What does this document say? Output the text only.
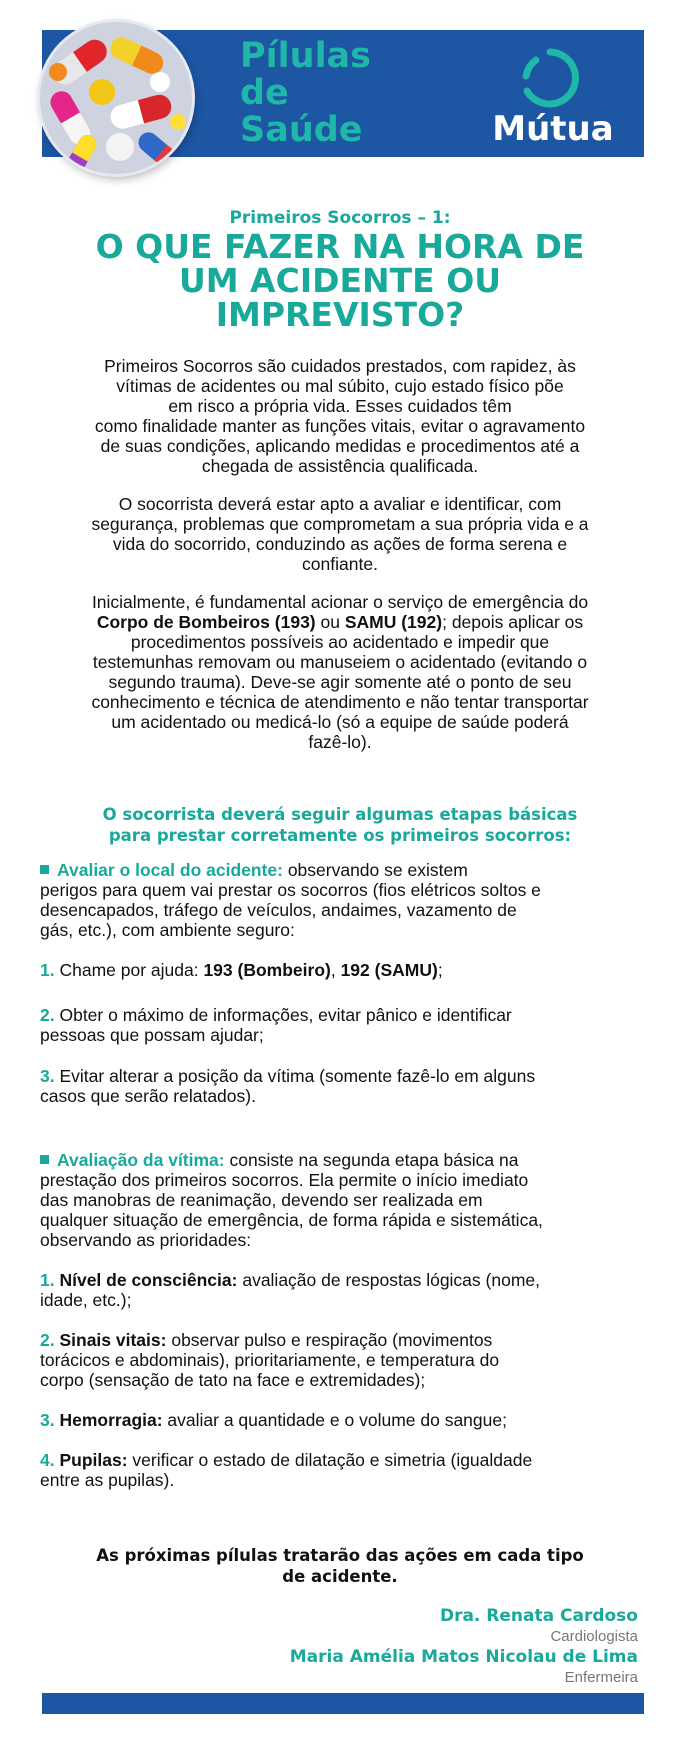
Pílulas
de
Saúde	Mútua
Primeiros Socorros – 1:
O QUE FAZER NA HORA DE
UM ACIDENTE OU
IMPREVISTO?
Primeiros Socorros são cuidados prestados, com rapidez, às
vítimas de acidentes ou mal súbito, cujo estado físico põe
em risco a própria vida. Esses cuidados têm
como finalidade manter as funções vitais, evitar o agravamento
de suas condições, aplicando medidas e procedimentos até a
chegada de assistência qualificada.
O socorrista deverá estar apto a avaliar e identificar, com
segurança, problemas que comprometam a sua própria vida e a
vida do socorrido, conduzindo as ações de forma serena e
confiante.
Inicialmente, é fundamental acionar o serviço de emergência do
Corpo de Bombeiros (193) ou SAMU (192); depois aplicar os
procedimentos possíveis ao acidentado e impedir que
testemunhas removam ou manuseiem o acidentado (evitando o
segundo trauma). Deve-se agir somente até o ponto de seu
conhecimento e técnica de atendimento e não tentar transportar
um acidentado ou medicá-lo (só a equipe de saúde poderá
fazê-lo).
O socorrista deverá seguir algumas etapas básicas
para prestar corretamente os primeiros socorros:
Avaliar o local do acidente: observando se existem
perigos para quem vai prestar os socorros (fios elétricos soltos e
desencapados, tráfego de veículos, andaimes, vazamento de
gás, etc.), com ambiente seguro:
1. Chame por ajuda: 193 (Bombeiro), 192 (SAMU);
2. Obter o máximo de informações, evitar pânico e identificar
pessoas que possam ajudar;
3. Evitar alterar a posição da vítima (somente fazê-lo em alguns
casos que serão relatados).
Avaliação da vítima: consiste na segunda etapa básica na
prestação dos primeiros socorros. Ela permite o início imediato
das manobras de reanimação, devendo ser realizada em
qualquer situação de emergência, de forma rápida e sistemática,
observando as prioridades:
1. Nível de consciência: avaliação de respostas lógicas (nome,
idade, etc.);
2. Sinais vitais: observar pulso e respiração (movimentos
torácicos e abdominais), prioritariamente, e temperatura do
corpo (sensação de tato na face e extremidades);
3. Hemorragia: avaliar a quantidade e o volume do sangue;
4. Pupilas: verificar o estado de dilatação e simetria (igualdade
entre as pupilas).
As próximas pílulas tratarão das ações em cada tipo
de acidente.
Dra. Renata Cardoso
Cardiologista
Maria Amélia Matos Nicolau de Lima
Enfermeira
